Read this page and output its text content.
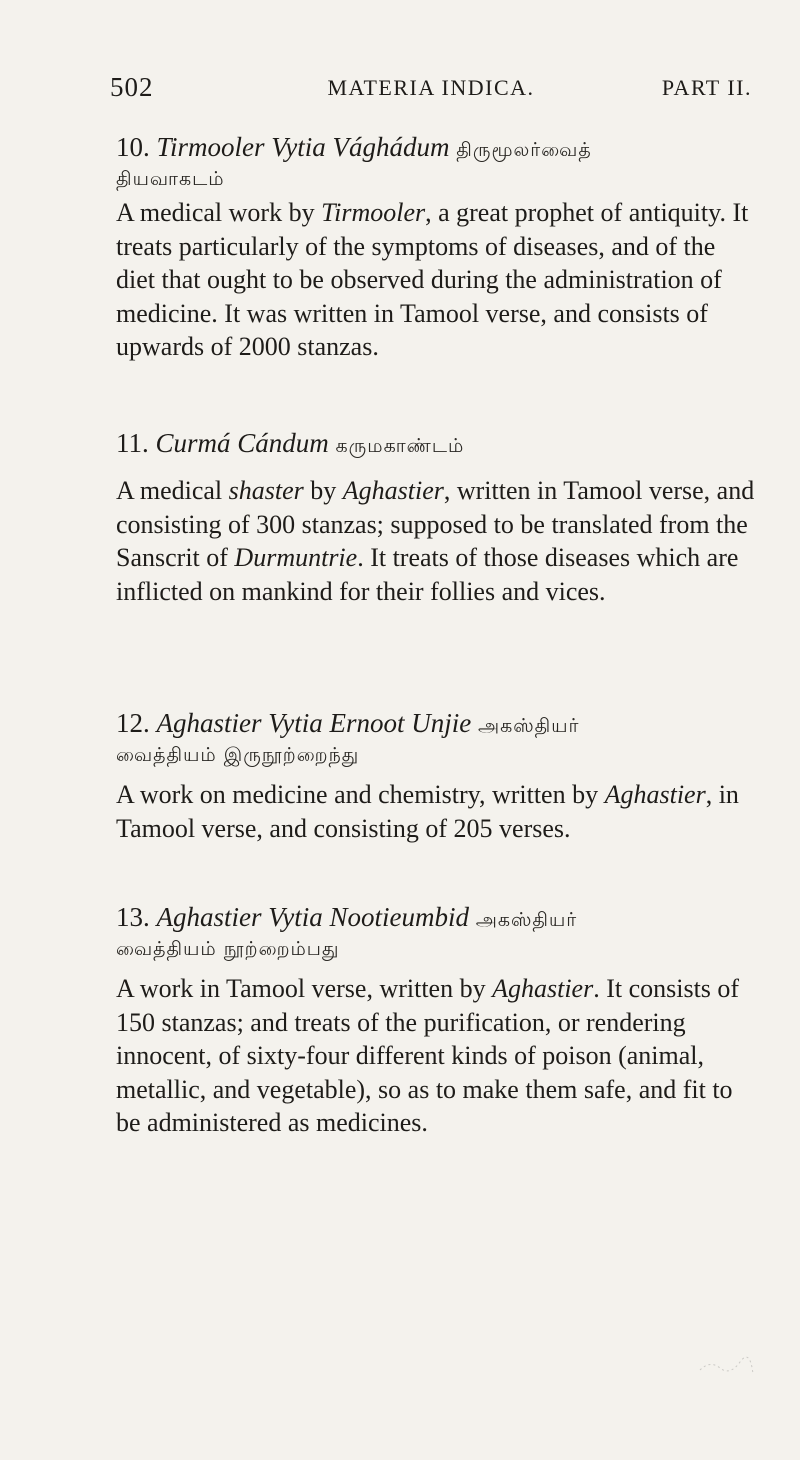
502	MATERIA INDICA.	PART II.
10. Tirmooler Vytia Vághádum திருமூலர்வைத்
தியவாகடம்

A medical work by Tirmooler, a great prophet of antiquity. It treats particularly of the symptoms of diseases, and of the diet that ought to be observed during the administration of medicine. It was written in Tamool verse, and consists of upwards of 2000 stanzas.

11. Curmá Cándum கருமகாண்டம்

A medical shaster by Aghastier, written in Tamool verse, and consisting of 300 stanzas; supposed to be translated from the Sanscrit of Durmuntrie. It treats of those diseases which are inflicted on mankind for their follies and vices.

12. Aghastier Vytia Ernoot Unjie அகஸ்தியர்
வைத்தியம் இருநூற்றைந்து

A work on medicine and chemistry, written by Aghastier, in Tamool verse, and consisting of 205 verses.

13. Aghastier Vytia Nootieumbid அகஸ்தியர்
வைத்தியம் நூற்றைம்பது

A work in Tamool verse, written by Aghastier. It consists of 150 stanzas; and treats of the purification, or rendering innocent, of sixty-four different kinds of poison (animal, metallic, and vegetable), so as to make them safe, and fit to be administered as medicines.
